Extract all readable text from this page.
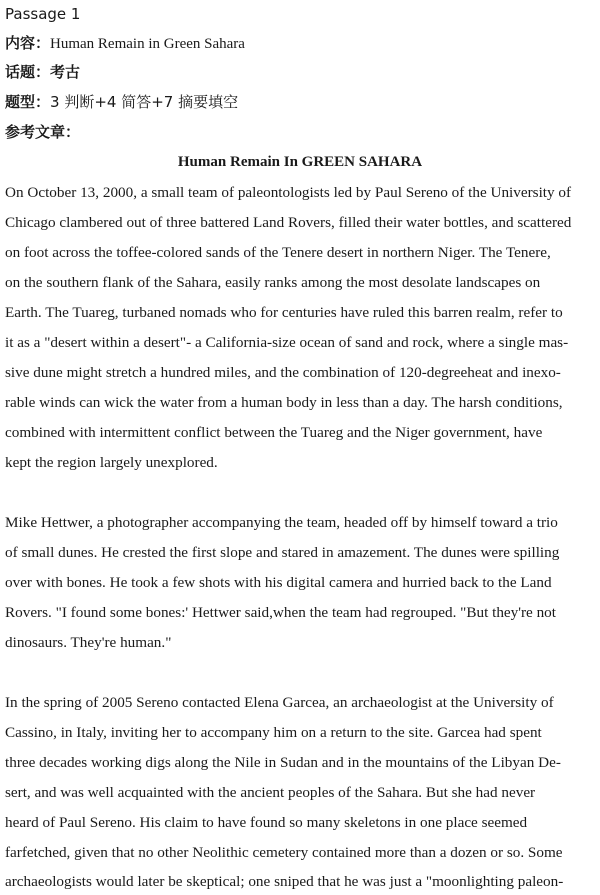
Passage 1
内容：Human Remain in Green Sahara
话题：考古
题型：3 判断+4 简答+7 摘要填空
参考文章：
Human Remain In GREEN SAHARA
On October 13, 2000, a small team of paleontologists led by Paul Sereno of the University of
Chicago clambered out of three battered Land Rovers, filled their water bottles, and scattered
on foot across the toffee-colored sands of the Tenere desert in northern Niger. The Tenere,
on the southern flank of the Sahara, easily ranks among the most desolate landscapes on
Earth. The Tuareg, turbaned nomads who for centuries have ruled this barren realm, refer to
it as a "desert within a desert"- a California-size ocean of sand and rock, where a single mas-
sive dune might stretch a hundred miles, and the combination of 120-degreeheat and inexo-
rable winds can wick the water from a human body in less than a day. The harsh conditions,
combined with intermittent conflict between the Tuareg and the Niger government, have
kept the region largely unexplored.
Mike Hettwer, a photographer accompanying the team, headed off by himself toward a trio
of small dunes. He crested the first slope and stared in amazement. The dunes were spilling
over with bones. He took a few shots with his digital camera and hurried back to the Land
Rovers. "I found some bones:' Hettwer said,when the team had regrouped. "But they're not
dinosaurs. They're human."
In the spring of 2005 Sereno contacted Elena Garcea, an archaeologist at the University of
Cassino, in Italy, inviting her to accompany him on a return to the site. Garcea had spent
three decades working digs along the Nile in Sudan and in the mountains of the Libyan De-
sert, and was well acquainted with the ancient peoples of the Sahara. But she had never
heard of Paul Sereno. His claim to have found so many skeletons in one place seemed
farfetched, given that no other Neolithic cemetery contained more than a dozen or so. Some
archaeologists would later be skeptical; one sniped that he was just a "moonlighting paleon-
